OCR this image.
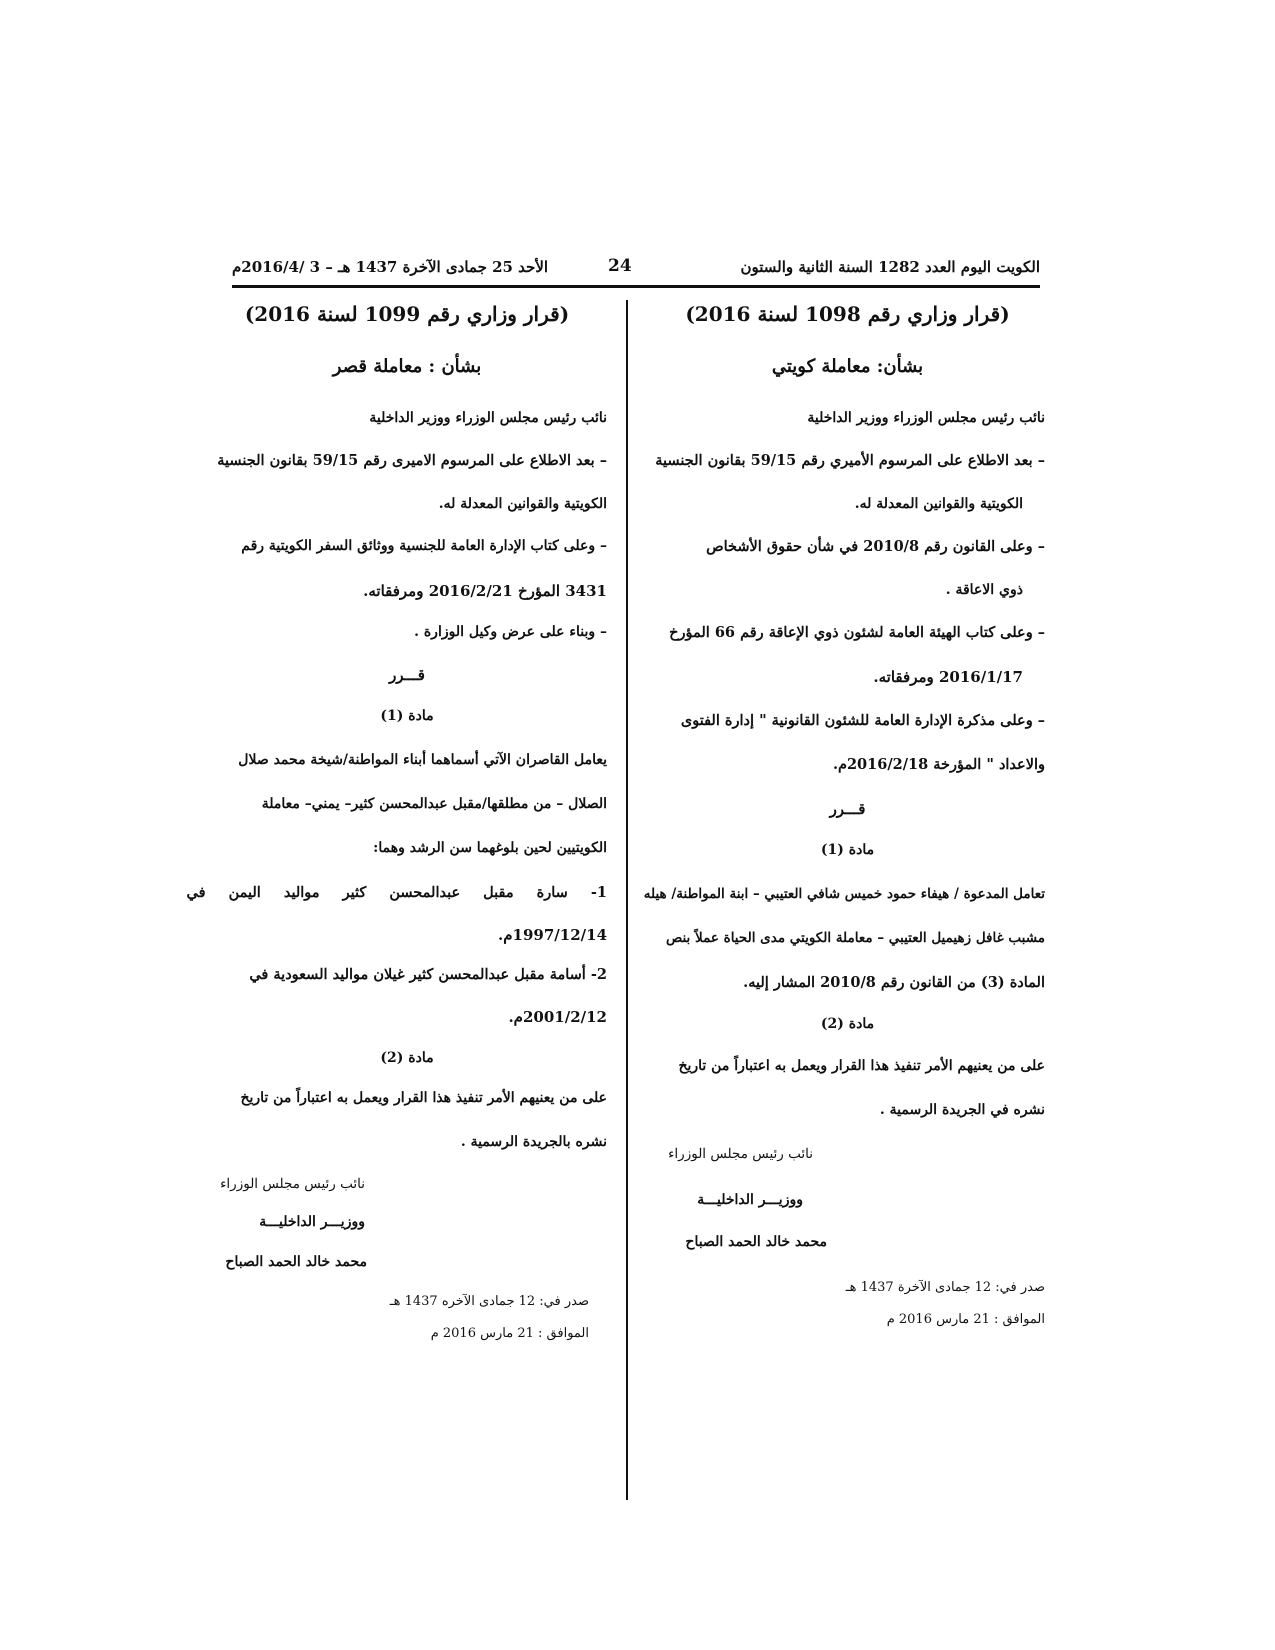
الكويت اليوم العدد 1282 السنة الثانية والستون
24
الأحد 25 جمادى الآخرة 1437 هـ – 3 /2016/4م
(قرار وزاري رقم 1098 لسنة 2016)
بشأن: معاملة كويتي
نائب رئيس مجلس الوزراء ووزير الداخلية
– بعد الاطلاع على المرسوم الأميري رقم 59/15 بقانون الجنسية
الكويتية والقوانين المعدلة له.
– وعلى القانون رقم 2010/8 في شأن حقوق الأشخاص
ذوي الاعاقة .
– وعلى كتاب الهيئة العامة لشئون ذوي الإعاقة رقم 66 المؤرخ
2016/1/17 ومرفقاته.
– وعلى مذكرة الإدارة العامة للشئون القانونية " إدارة الفتوى
والاعداد " المؤرخة 2016/2/18م.
قـــرر
مادة (1)
تعامل المدعوة / هيفاء حمود خميس شافي العتيبي – ابنة المواطنة/ هيله
مشبب غافل زهيميل العتيبي – معاملة الكويتي مدى الحياة عملاً بنص
المادة (3) من القانون رقم 2010/8 المشار إليه.
مادة (2)
على من يعنيهم الأمر تنفيذ هذا القرار ويعمل به اعتباراً من تاريخ
نشره في الجريدة الرسمية .
نائب رئيس مجلس الوزراء
ووزيـــر الداخليـــة
محمد خالد الحمد الصباح
صدر في: 12 جمادى الآخرة 1437 هـ
الموافق : 21 مارس 2016 م
(قرار وزاري رقم 1099 لسنة 2016)
بشأن : معاملة قصر
نائب رئيس مجلس الوزراء ووزير الداخلية
– بعد الاطلاع على المرسوم الاميرى رقم 59/15 بقانون الجنسية
الكويتية والقوانين المعدلة له.
– وعلى كتاب الإدارة العامة للجنسية ووثائق السفر الكويتية رقم
3431 المؤرخ 2016/2/21 ومرفقاته.
– وبناء على عرض وكيل الوزارة .
قـــرر
مادة (1)
يعامل القاصران الآتي أسماهما أبناء المواطنة/شيخة محمد صلال
الصلال – من مطلقها/مقبل عبدالمحسن كثير– يمني– معاملة
الكويتيين لحين بلوغهما سن الرشد وهما:
1- سارة مقبل عبدالمحسن كثير مواليد اليمن في
1997/12/14م.
2- أسامة مقبل عبدالمحسن كثير غيلان مواليد السعودية في
2001/2/12م.
مادة (2)
على من يعنيهم الأمر تنفيذ هذا القرار ويعمل به اعتباراً من تاريخ
نشره بالجريدة الرسمية .
نائب رئيس مجلس الوزراء
ووزيـــر الداخليـــة
محمد خالد الحمد الصباح
صدر في: 12 جمادى الآخره 1437 هـ
الموافق : 21 مارس 2016 م
